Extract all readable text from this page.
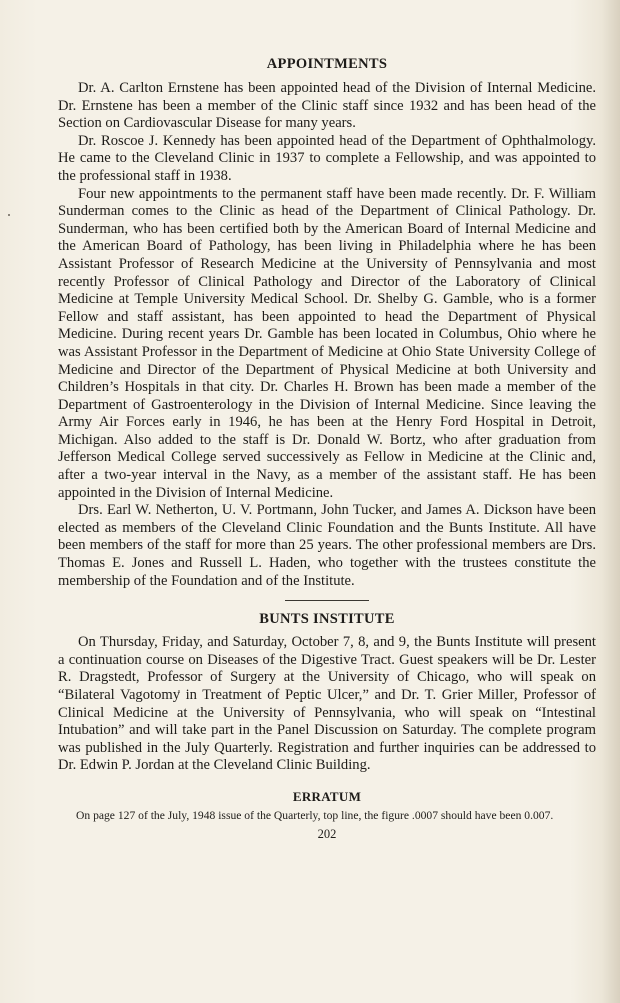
APPOINTMENTS

Dr. A. Carlton Ernstene has been appointed head of the Division of Internal Medicine. Dr. Ernstene has been a member of the Clinic staff since 1932 and has been head of the Section on Cardiovascular Disease for many years.

Dr. Roscoe J. Kennedy has been appointed head of the Department of Ophthalmology. He came to the Cleveland Clinic in 1937 to complete a Fellowship, and was appointed to the professional staff in 1938.

Four new appointments to the permanent staff have been made recently. Dr. F. William Sunderman comes to the Clinic as head of the Department of Clinical Pathology. Dr. Sunderman, who has been certified both by the American Board of Internal Medicine and the American Board of Pathology, has been living in Philadelphia where he has been Assistant Professor of Research Medicine at the University of Pennsylvania and most recently Professor of Clinical Pathology and Director of the Laboratory of Clinical Medicine at Temple University Medical School. Dr. Shelby G. Gamble, who is a former Fellow and staff assistant, has been appointed to head the Department of Physical Medicine. During recent years Dr. Gamble has been located in Columbus, Ohio where he was Assistant Professor in the Department of Medicine at Ohio State University College of Medicine and Director of the Department of Physical Medicine at both University and Children’s Hospitals in that city. Dr. Charles H. Brown has been made a member of the Department of Gastroenterology in the Division of Internal Medicine. Since leaving the Army Air Forces early in 1946, he has been at the Henry Ford Hospital in Detroit, Michigan. Also added to the staff is Dr. Donald W. Bortz, who after graduation from Jefferson Medical College served successively as Fellow in Medicine at the Clinic and, after a two-year interval in the Navy, as a member of the assistant staff. He has been appointed in the Division of Internal Medicine.

Drs. Earl W. Netherton, U. V. Portmann, John Tucker, and James A. Dickson have been elected as members of the Cleveland Clinic Foundation and the Bunts Institute. All have been members of the staff for more than 25 years. The other professional members are Drs. Thomas E. Jones and Russell L. Haden, who together with the trustees constitute the membership of the Foundation and of the Institute.

BUNTS INSTITUTE

On Thursday, Friday, and Saturday, October 7, 8, and 9, the Bunts Institute will present a continuation course on Diseases of the Digestive Tract. Guest speakers will be Dr. Lester R. Dragstedt, Professor of Surgery at the University of Chicago, who will speak on “Bilateral Vagotomy in Treatment of Peptic Ulcer,” and Dr. T. Grier Miller, Professor of Clinical Medicine at the University of Pennsylvania, who will speak on “Intestinal Intubation” and will take part in the Panel Discussion on Saturday. The complete program was published in the July Quarterly. Registration and further inquiries can be addressed to Dr. Edwin P. Jordan at the Cleveland Clinic Building.

ERRATUM

On page 127 of the July, 1948 issue of the Quarterly, top line, the figure .0007 should have been 0.007.

202
